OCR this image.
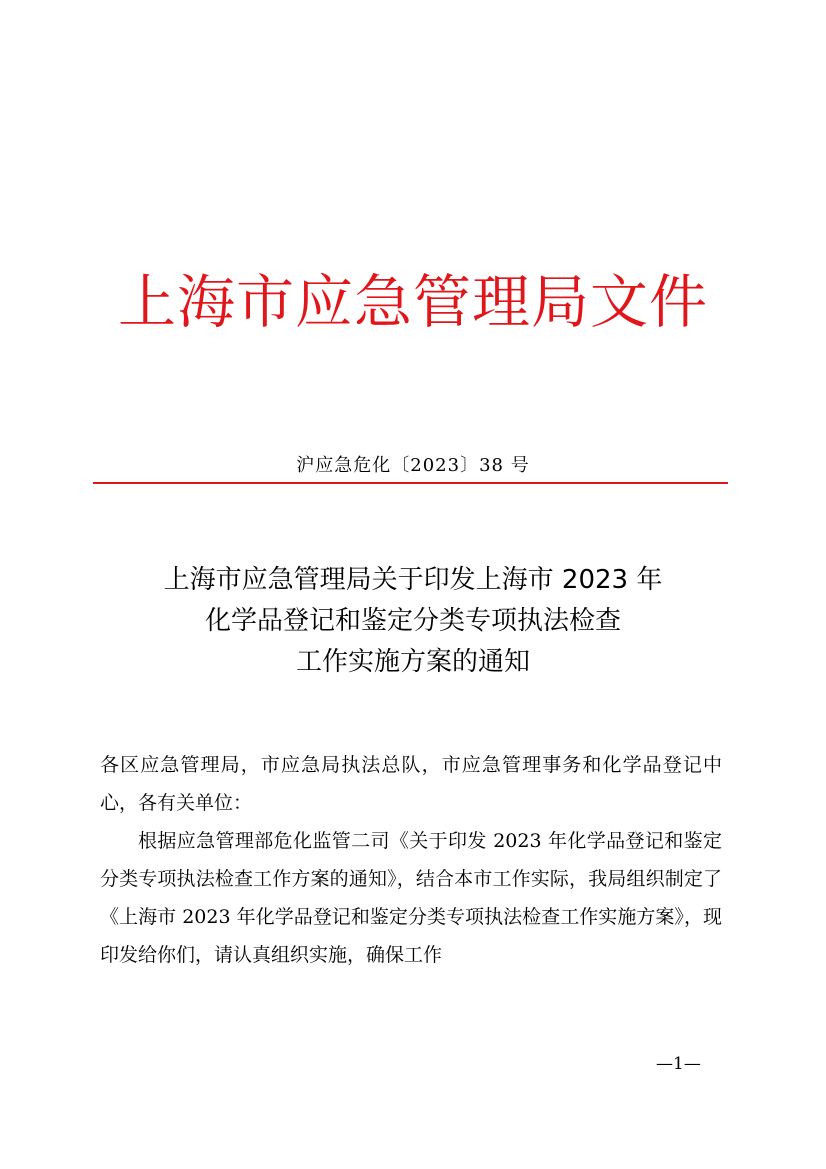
上海市应急管理局文件
沪应急危化〔2023〕38 号
上海市应急管理局关于印发上海市 2023 年
化学品登记和鉴定分类专项执法检查
工作实施方案的通知

各区应急管理局，市应急局执法总队，市应急管理事务和化学品登记中心，各有关单位：

根据应急管理部危化监管二司《关于印发 2023 年化学品登记和鉴定分类专项执法检查工作方案的通知》，结合本市工作实际，我局组织制定了《上海市 2023 年化学品登记和鉴定分类专项执法检查工作实施方案》，现印发给你们，请认真组织实施，确保工作

—1—
